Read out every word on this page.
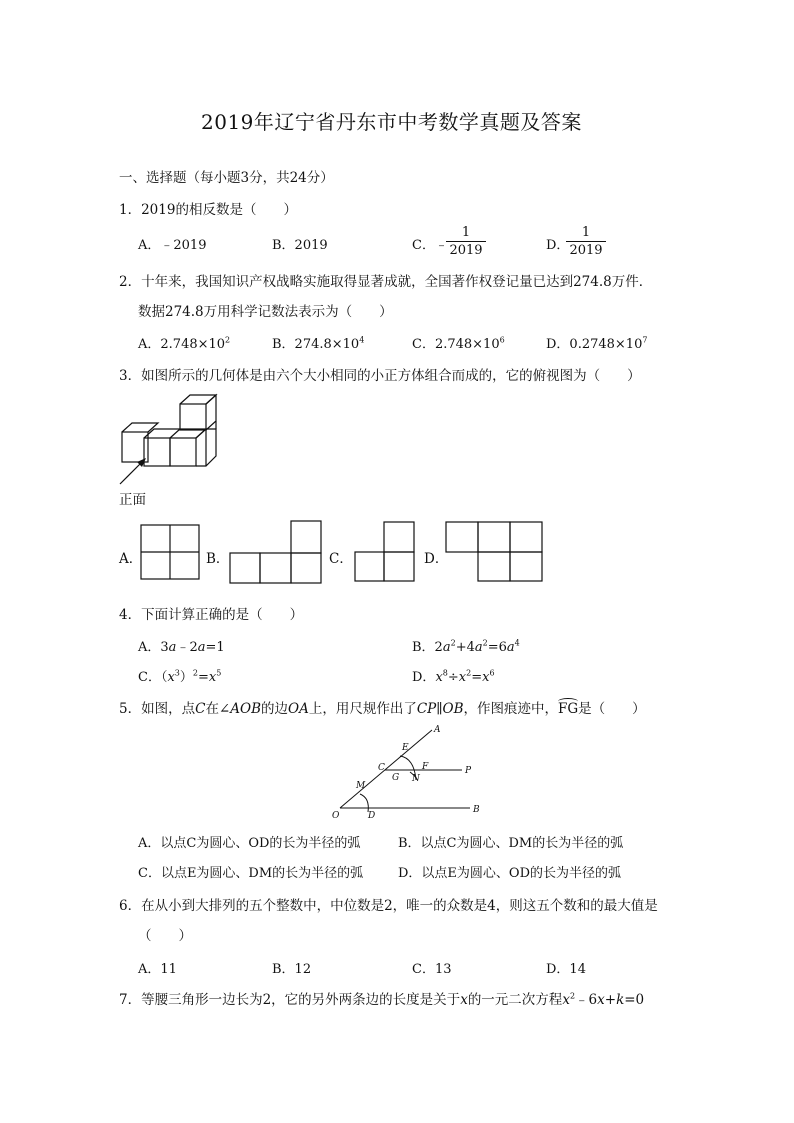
2019年辽宁省丹东市中考数学真题及答案
一、选择题（每小题3分，共24分）
1．2019的相反数是（　　）
A．﹣2019	B．2019	C．﹣
1
2019	D．
1
2019
2．十年来，我国知识产权战略实施取得显著成就，全国著作权登记量已达到274.8万件．
数据274.8万用科学记数法表示为（　　）
A．$2.748\times 10^2$	B．$274.8\times 10^4$	C．$2.748\times 10^6$	D．$0.2748\times 10^7$
3．如图所示的几何体是由六个大小相同的小正方体组合而成的，它的俯视图为（　　）
正面
A．	B．	C．	D．
4．下面计算正确的是（　　）
A．3a﹣2a=1	B．$2a^2+4a^2=6a^4$
C．$(x^3)^2=x^5$	D．$x^8\div x^2=x^6$
5．如图，点C在∠AOB的边OA上，用尺规作出了CP∥OB，作图痕迹中，
FG是（　　）
A
E
C
G
F
N
P
M
O	D
B
A．以点C为圆心、OD的长为半径的弧	B．以点C为圆心、DM的长为半径的弧
C．以点E为圆心、DM的长为半径的弧	D．以点E为圆心、OD的长为半径的弧
6．在从小到大排列的五个整数中，中位数是2，唯一的众数是4，则这五个数和的最大值是
（　　）
A．11	B．12	C．13	D．14
7．等腰三角形一边长为2，它的另外两条边的长度是关于x的一元二次方程$x^2﹣6x+k=0$
